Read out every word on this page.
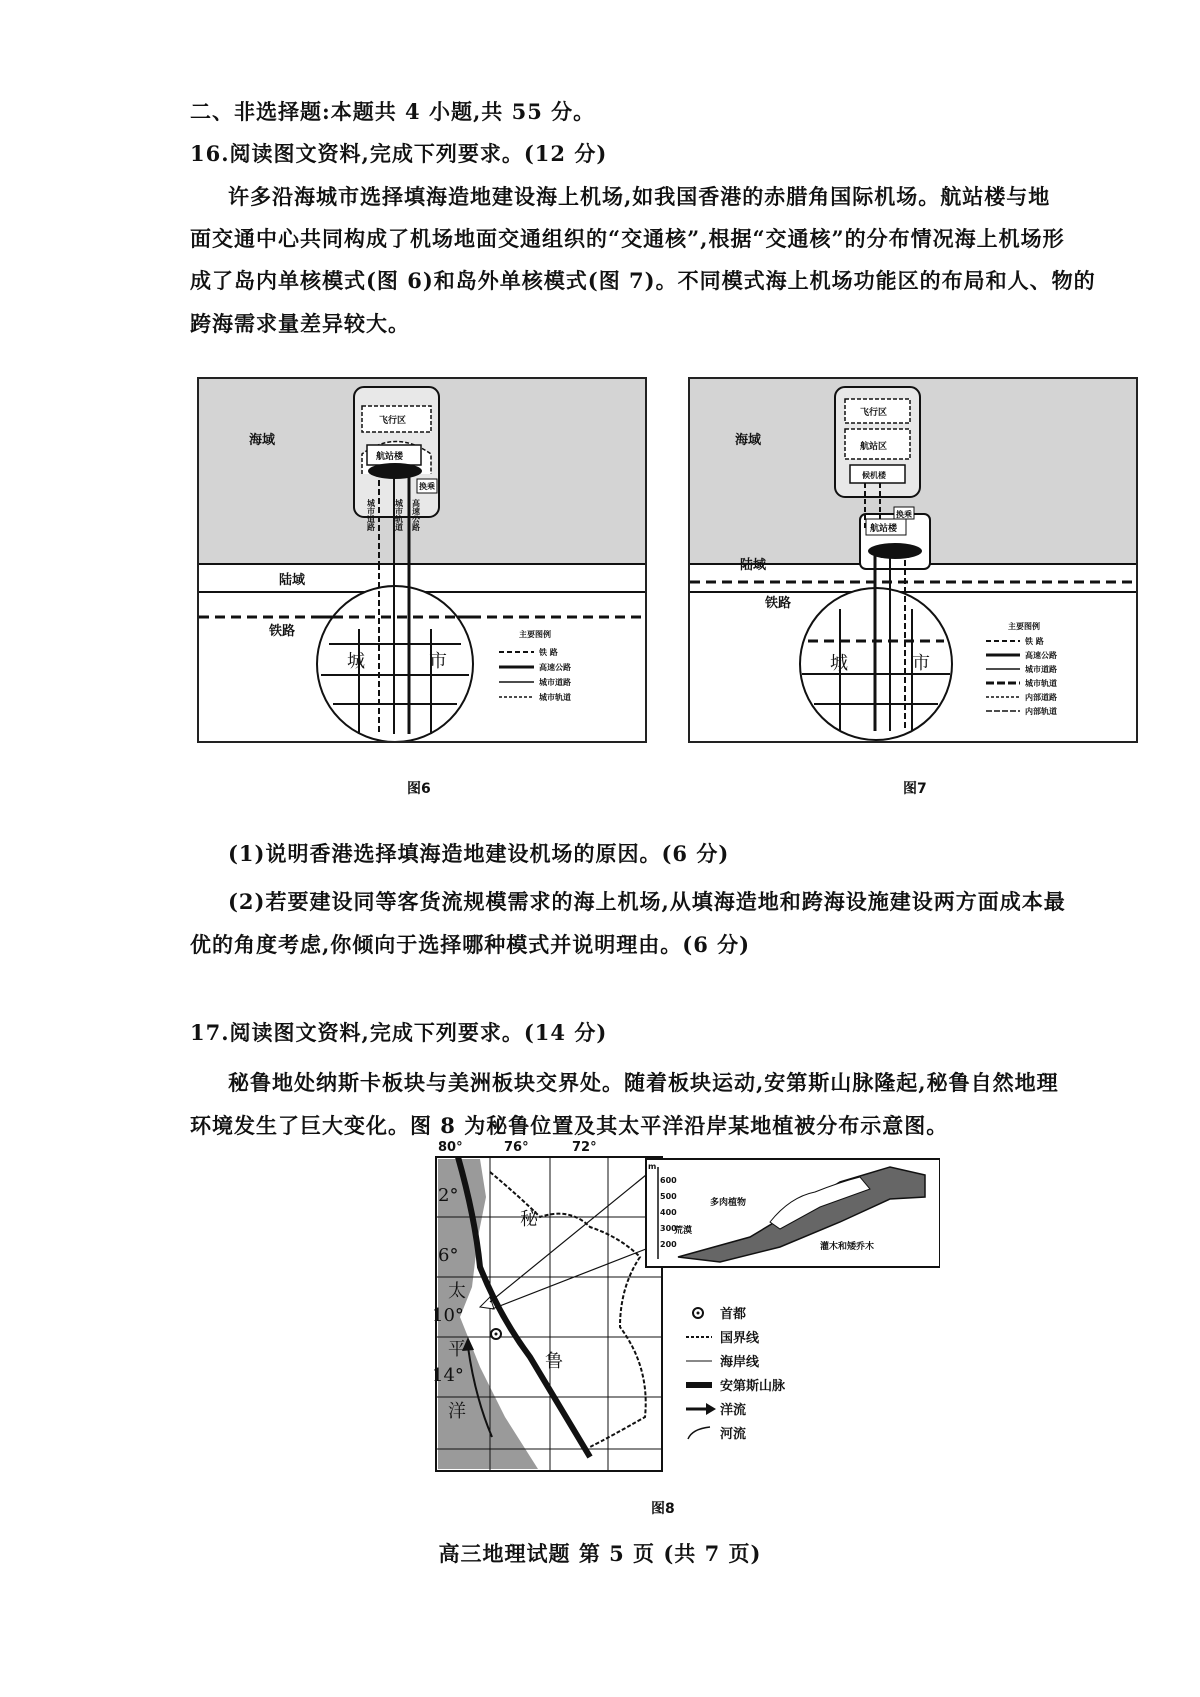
二、非选择题:本题共 4 小题,共 55 分。
16.阅读图文资料,完成下列要求。(12 分)
许多沿海城市选择填海造地建设海上机场,如我国香港的赤腊角国际机场。航站楼与地
面交通中心共同构成了机场地面交通组织的“交通核”,根据“交通核”的分布情况海上机场形
成了岛内单核模式(图 6)和岛外单核模式(图 7)。不同模式海上机场功能区的布局和人、物的
跨海需求量差异较大。
海域
陆域
铁路
飞行区
航站楼
换乘
城市道路 城市轨道 高速公路
城	市
主要图例
铁 路
高速公路
城市道路
城市轨道
图6
海域
陆域
铁路
飞行区
航站区
候机楼
换乘
航站楼
城	市
主要图例
铁 路
高速公路
城市道路
城市轨道
内部道路
内部轨道
图7
(1)说明香港选择填海造地建设机场的原因。(6 分)
(2)若要建设同等客货流规模需求的海上机场,从填海造地和跨海设施建设两方面成本最
优的角度考虑,你倾向于选择哪种模式并说明理由。(6 分)
17.阅读图文资料,完成下列要求。(14 分)
秘鲁地处纳斯卡板块与美洲板块交界处。随着板块运动,安第斯山脉隆起,秘鲁自然地理
环境发生了巨大变化。图 8 为秘鲁位置及其太平洋沿岸某地植被分布示意图。
80°	76°	72°
2°
6°
10°
14°
秘
鲁
太
平
洋
m
600
500
400
300
200
多肉植物
荒漠
灌木和矮乔木
首都
国界线
海岸线
安第斯山脉
洋流
河流
图8
高三地理试题 第 5 页 (共 7 页)
